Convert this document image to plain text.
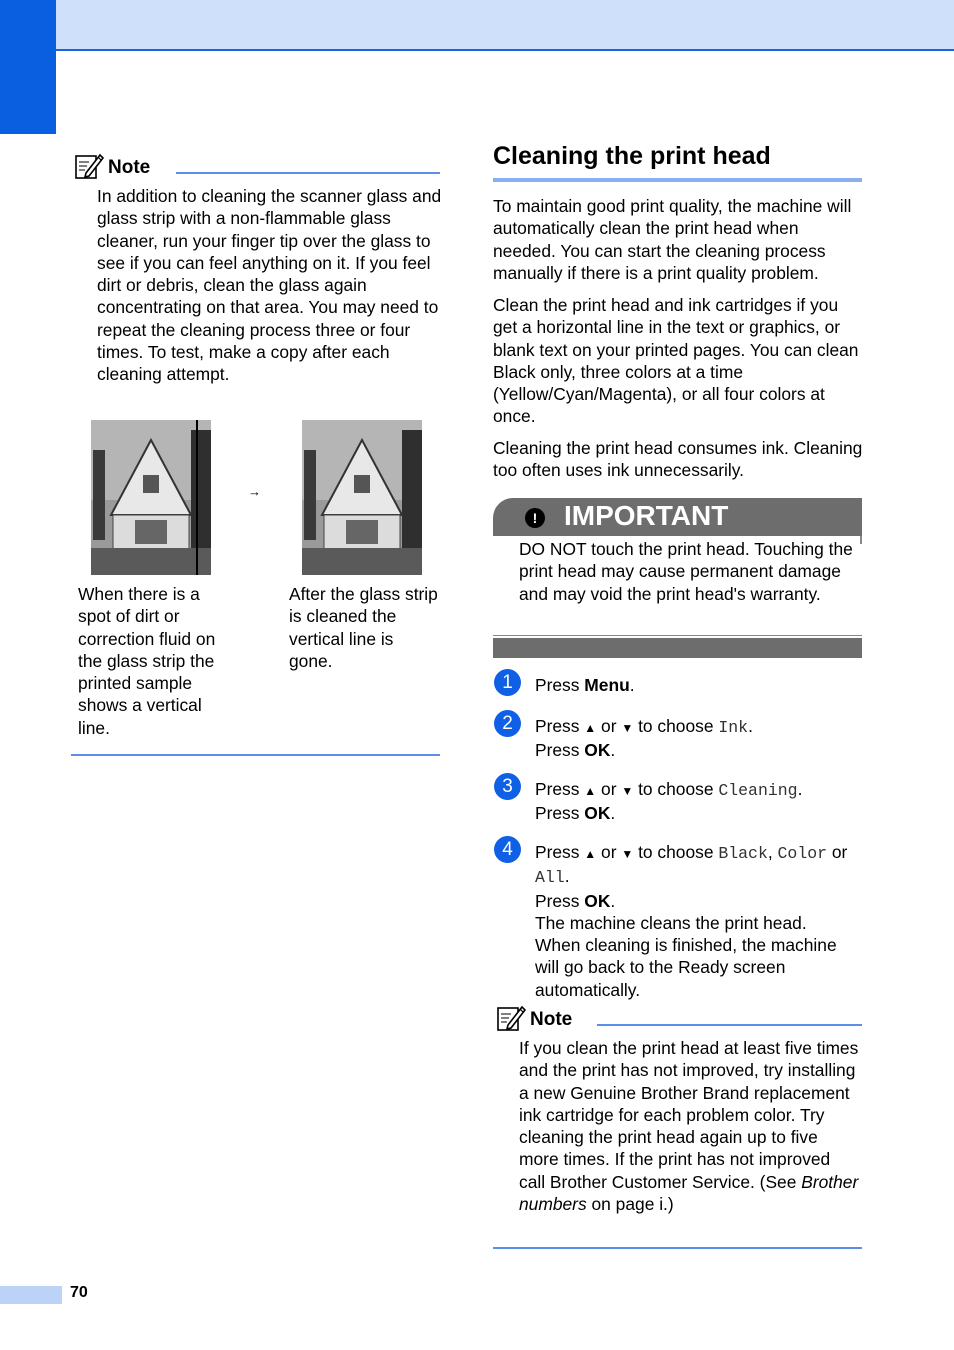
Note
In addition to cleaning the scanner glass and glass strip with a non-flammable glass cleaner, run your finger tip over the glass to see if you can feel anything on it. If you feel dirt or debris, clean the glass again concentrating on that area. You may need to repeat the cleaning process three or four times. To test, make a copy after each cleaning attempt.
→
When there is a spot of dirt or correction fluid on the glass strip the printed sample shows a vertical line.
After the glass strip is cleaned the vertical line is gone.
Cleaning the print head
To maintain good print quality, the machine will automatically clean the print head when needed. You can start the cleaning process manually if there is a print quality problem.
Clean the print head and ink cartridges if you get a horizontal line in the text or graphics, or blank text on your printed pages. You can clean Black only, three colors at a time (Yellow/Cyan/Magenta), or all four colors at once.
Cleaning the print head consumes ink. Cleaning too often uses ink unnecessarily.
! IMPORTANT
DO NOT touch the print head. Touching the print head may cause permanent damage and may void the print head's warranty.
1	Press Menu.
2	Press ▲ or ▼ to choose Ink.
Press OK.
3	Press ▲ or ▼ to choose Cleaning.
Press OK.
4	Press ▲ or ▼ to choose Black, Color or
All.
Press OK.
The machine cleans the print head.
When cleaning is finished, the machine will go back to the Ready screen automatically.
Note
If you clean the print head at least five times and the print has not improved, try installing a new Genuine Brother Brand replacement ink cartridge for each problem color. Try cleaning the print head again up to five more times. If the print has not improved call Brother Customer Service. (See Brother numbers on page i.)
70
